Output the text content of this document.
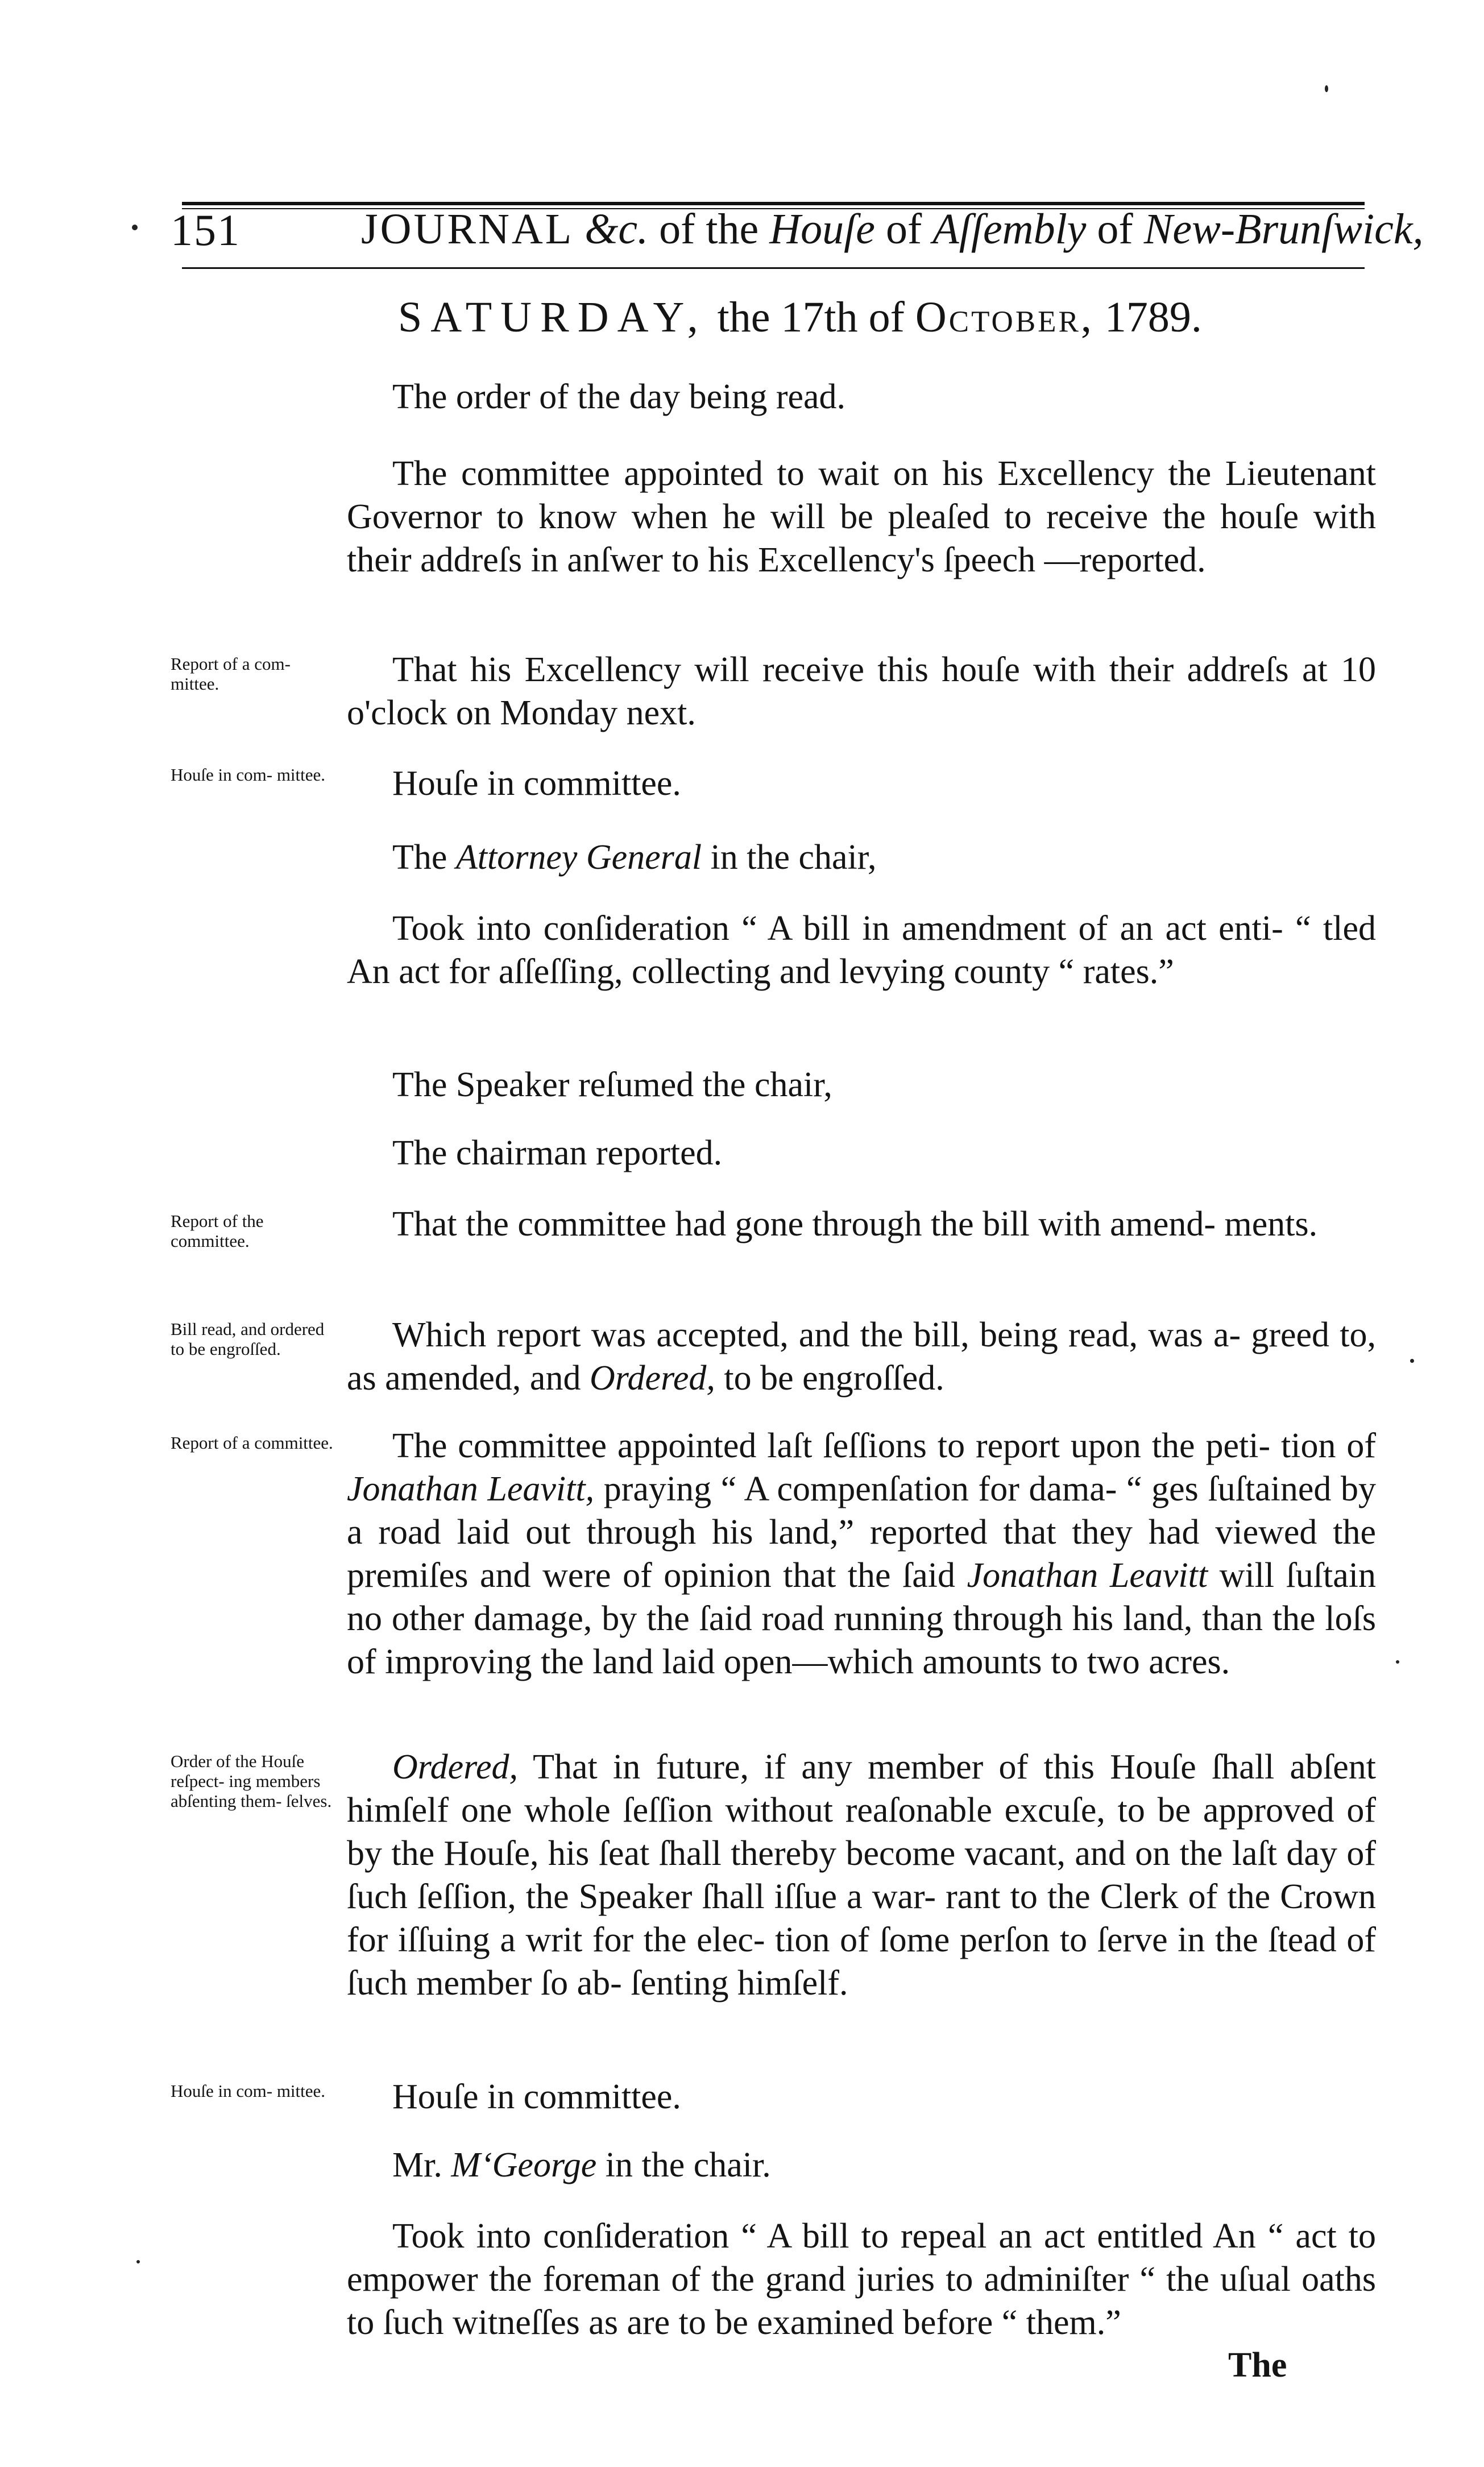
151	JOURNAL &c. of the Houſe of Aſſembly of New-Brunſwick,
SATURDAY, the 17th of October, 1789.
The order of the day being read.
The committee appointed to wait on his Excellency the Lieutenant Governor to know when he will be pleaſed to receive the houſe with their addreſs in anſwer to his Excellency's ſpeech —reported.
That his Excellency will receive this houſe with their addreſs at 10 o'clock on Monday next.
Houſe in committee.
The Attorney General in the chair,
Took into conſideration “ A bill in amendment of an act enti- “ tled An act for aſſeſſing, collecting and levying county “ rates.”
The Speaker reſumed the chair,
The chairman reported.
That the committee had gone through the bill with amend- ments.
Which report was accepted, and the bill, being read, was a- greed to, as amended, and Ordered, to be engroſſed.
The committee appointed laſt ſeſſions to report upon the peti- tion of Jonathan Leavitt, praying “ A compenſation for dama- “ ges ſuſtained by a road laid out through his land,” reported that they had viewed the premiſes and were of opinion that the ſaid Jonathan Leavitt will ſuſtain no other damage, by the ſaid road running through his land, than the loſs of improving the land laid open—which amounts to two acres.
Ordered, That in future, if any member of this Houſe ſhall abſent himſelf one whole ſeſſion without reaſonable excuſe, to be approved of by the Houſe, his ſeat ſhall thereby become vacant, and on the laſt day of ſuch ſeſſion, the Speaker ſhall iſſue a war- rant to the Clerk of the Crown for iſſuing a writ for the elec- tion of ſome perſon to ſerve in the ſtead of ſuch member ſo ab- ſenting himſelf.
Houſe in committee.
Mr. M‘George in the chair.
Took into conſideration “ A bill to repeal an act entitled An “ act to empower the foreman of the grand juries to adminiſter “ the uſual oaths to ſuch witneſſes as are to be examined before “ them.”
The
Report of a com- mittee.
Houſe in com- mittee.
Report of the committee.
Bill read, and ordered to be engroſſed.
Report of a committee.
Order of the Houſe reſpect- ing members abſenting them- ſelves.
Houſe in com- mittee.
